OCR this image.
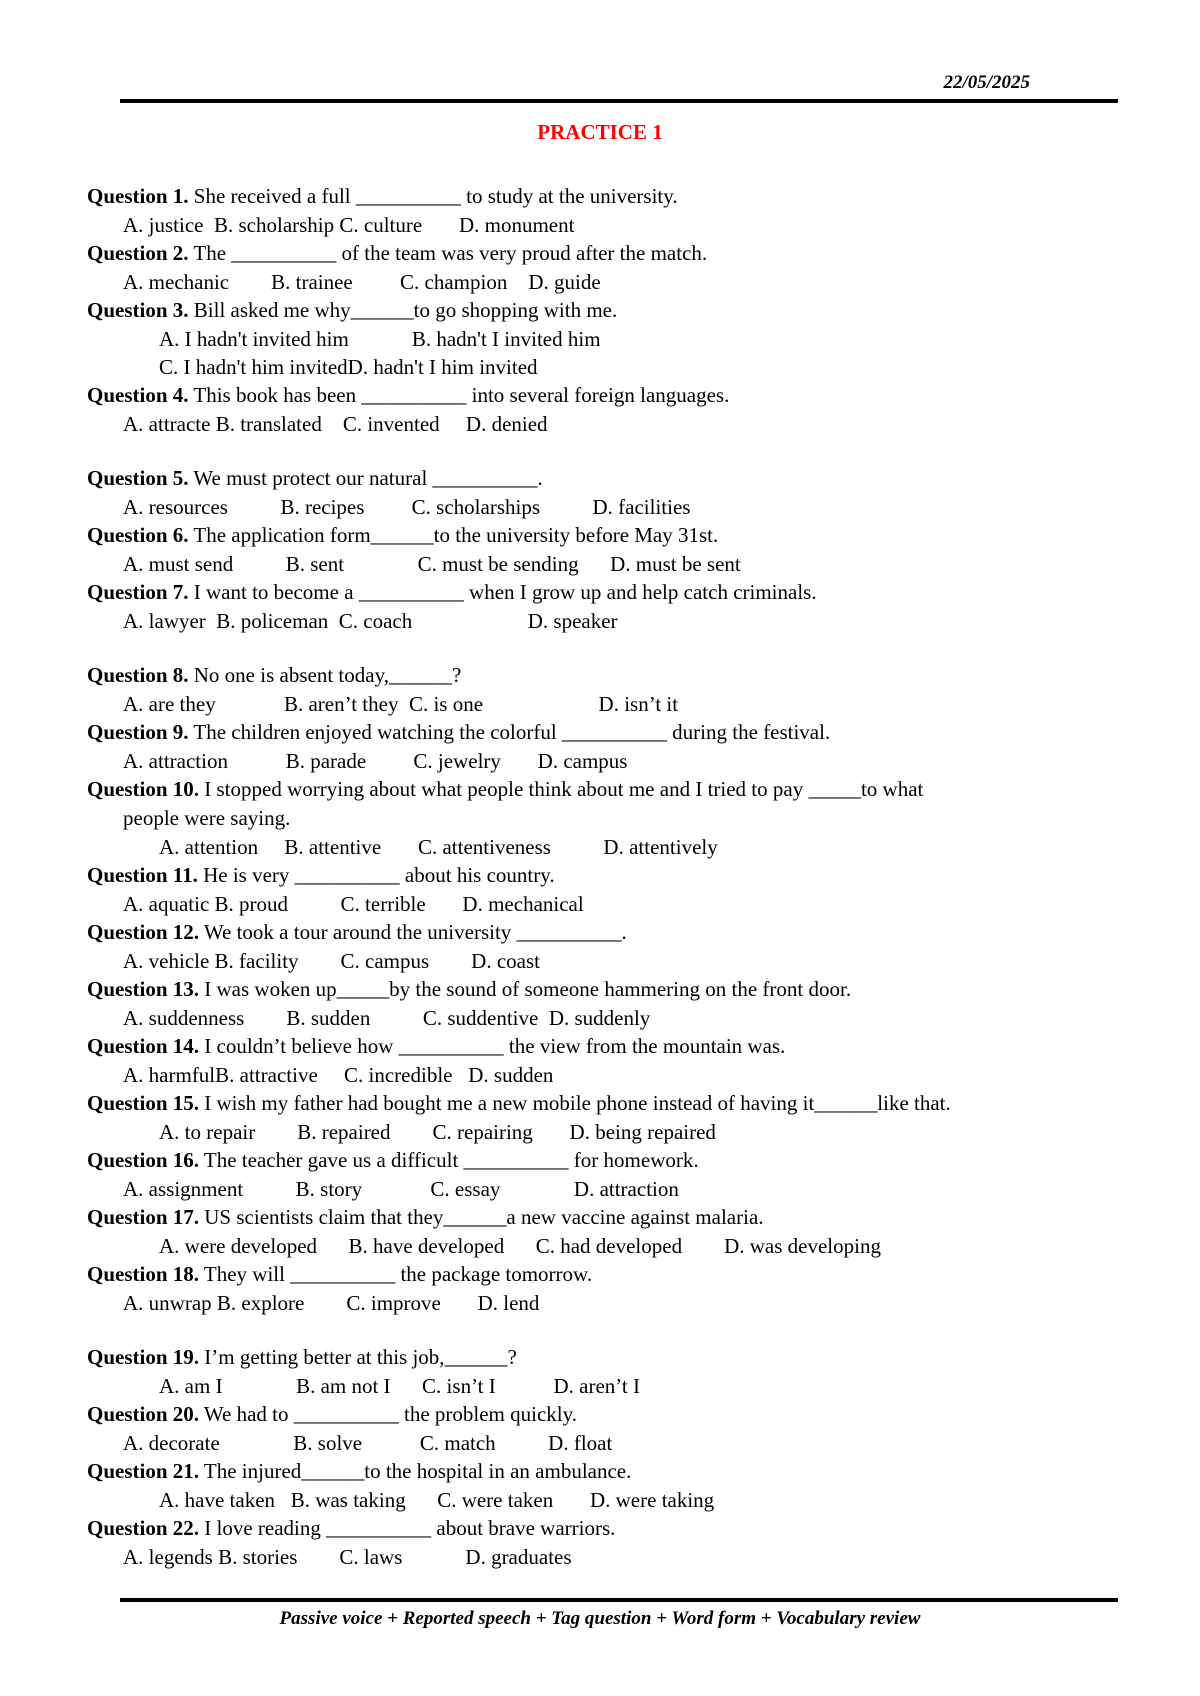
22/05/2025
PRACTICE 1

Question 1. She received a full __________ to study at the university.

A. justice  B. scholarship C. culture       D. monument

Question 2. The __________ of the team was very proud after the match.

A. mechanic        B. trainee         C. champion    D. guide

Question 3. Bill asked me why______to go shopping with me.

A. I hadn't invited him            B. hadn't I invited him

C. I hadn't him invitedD. hadn't I him invited

Question 4. This book has been __________ into several foreign languages.

A. attracte B. translated    C. invented     D. denied

Question 5. We must protect our natural __________.

A. resources          B. recipes         C. scholarships          D. facilities

Question 6. The application form______to the university before May 31st.

A. must send          B. sent              C. must be sending      D. must be sent

Question 7. I want to become a __________ when I grow up and help catch criminals.

A. lawyer  B. policeman  C. coach                      D. speaker

Question 8. No one is absent today,______?

A. are they             B. aren’t they  C. is one                      D. isn’t it

Question 9. The children enjoyed watching the colorful __________ during the festival.

A. attraction           B. parade         C. jewelry       D. campus

Question 10. I stopped worrying about what people think about me and I tried to pay _____to what

people were saying.

A. attention     B. attentive       C. attentiveness          D. attentively

Question 11. He is very __________ about his country.

A. aquatic B. proud          C. terrible       D. mechanical

Question 12. We took a tour around the university __________.

A. vehicle B. facility        C. campus        D. coast

Question 13. I was woken up_____by the sound of someone hammering on the front door.

A. suddenness        B. sudden          C. suddentive  D. suddenly

Question 14. I couldn’t believe how __________ the view from the mountain was.

A. harmfulB. attractive     C. incredible   D. sudden

Question 15. I wish my father had bought me a new mobile phone instead of having it______like that.

A. to repair        B. repaired        C. repairing       D. being repaired

Question 16. The teacher gave us a difficult __________ for homework.

A. assignment          B. story             C. essay              D. attraction

Question 17. US scientists claim that they______a new vaccine against malaria.

A. were developed      B. have developed      C. had developed        D. was developing

Question 18. They will __________ the package tomorrow.

A. unwrap B. explore        C. improve       D. lend

Question 19. I’m getting better at this job,______?

A. am I              B. am not I      C. isn’t I           D. aren’t I

Question 20. We had to __________ the problem quickly.

A. decorate              B. solve           C. match          D. float

Question 21. The injured______to the hospital in an ambulance.

A. have taken   B. was taking      C. were taken       D. were taking

Question 22. I love reading __________ about brave warriors.

A. legends B. stories        C. laws            D. graduates

Passive voice + Reported speech + Tag question + Word form + Vocabulary review
